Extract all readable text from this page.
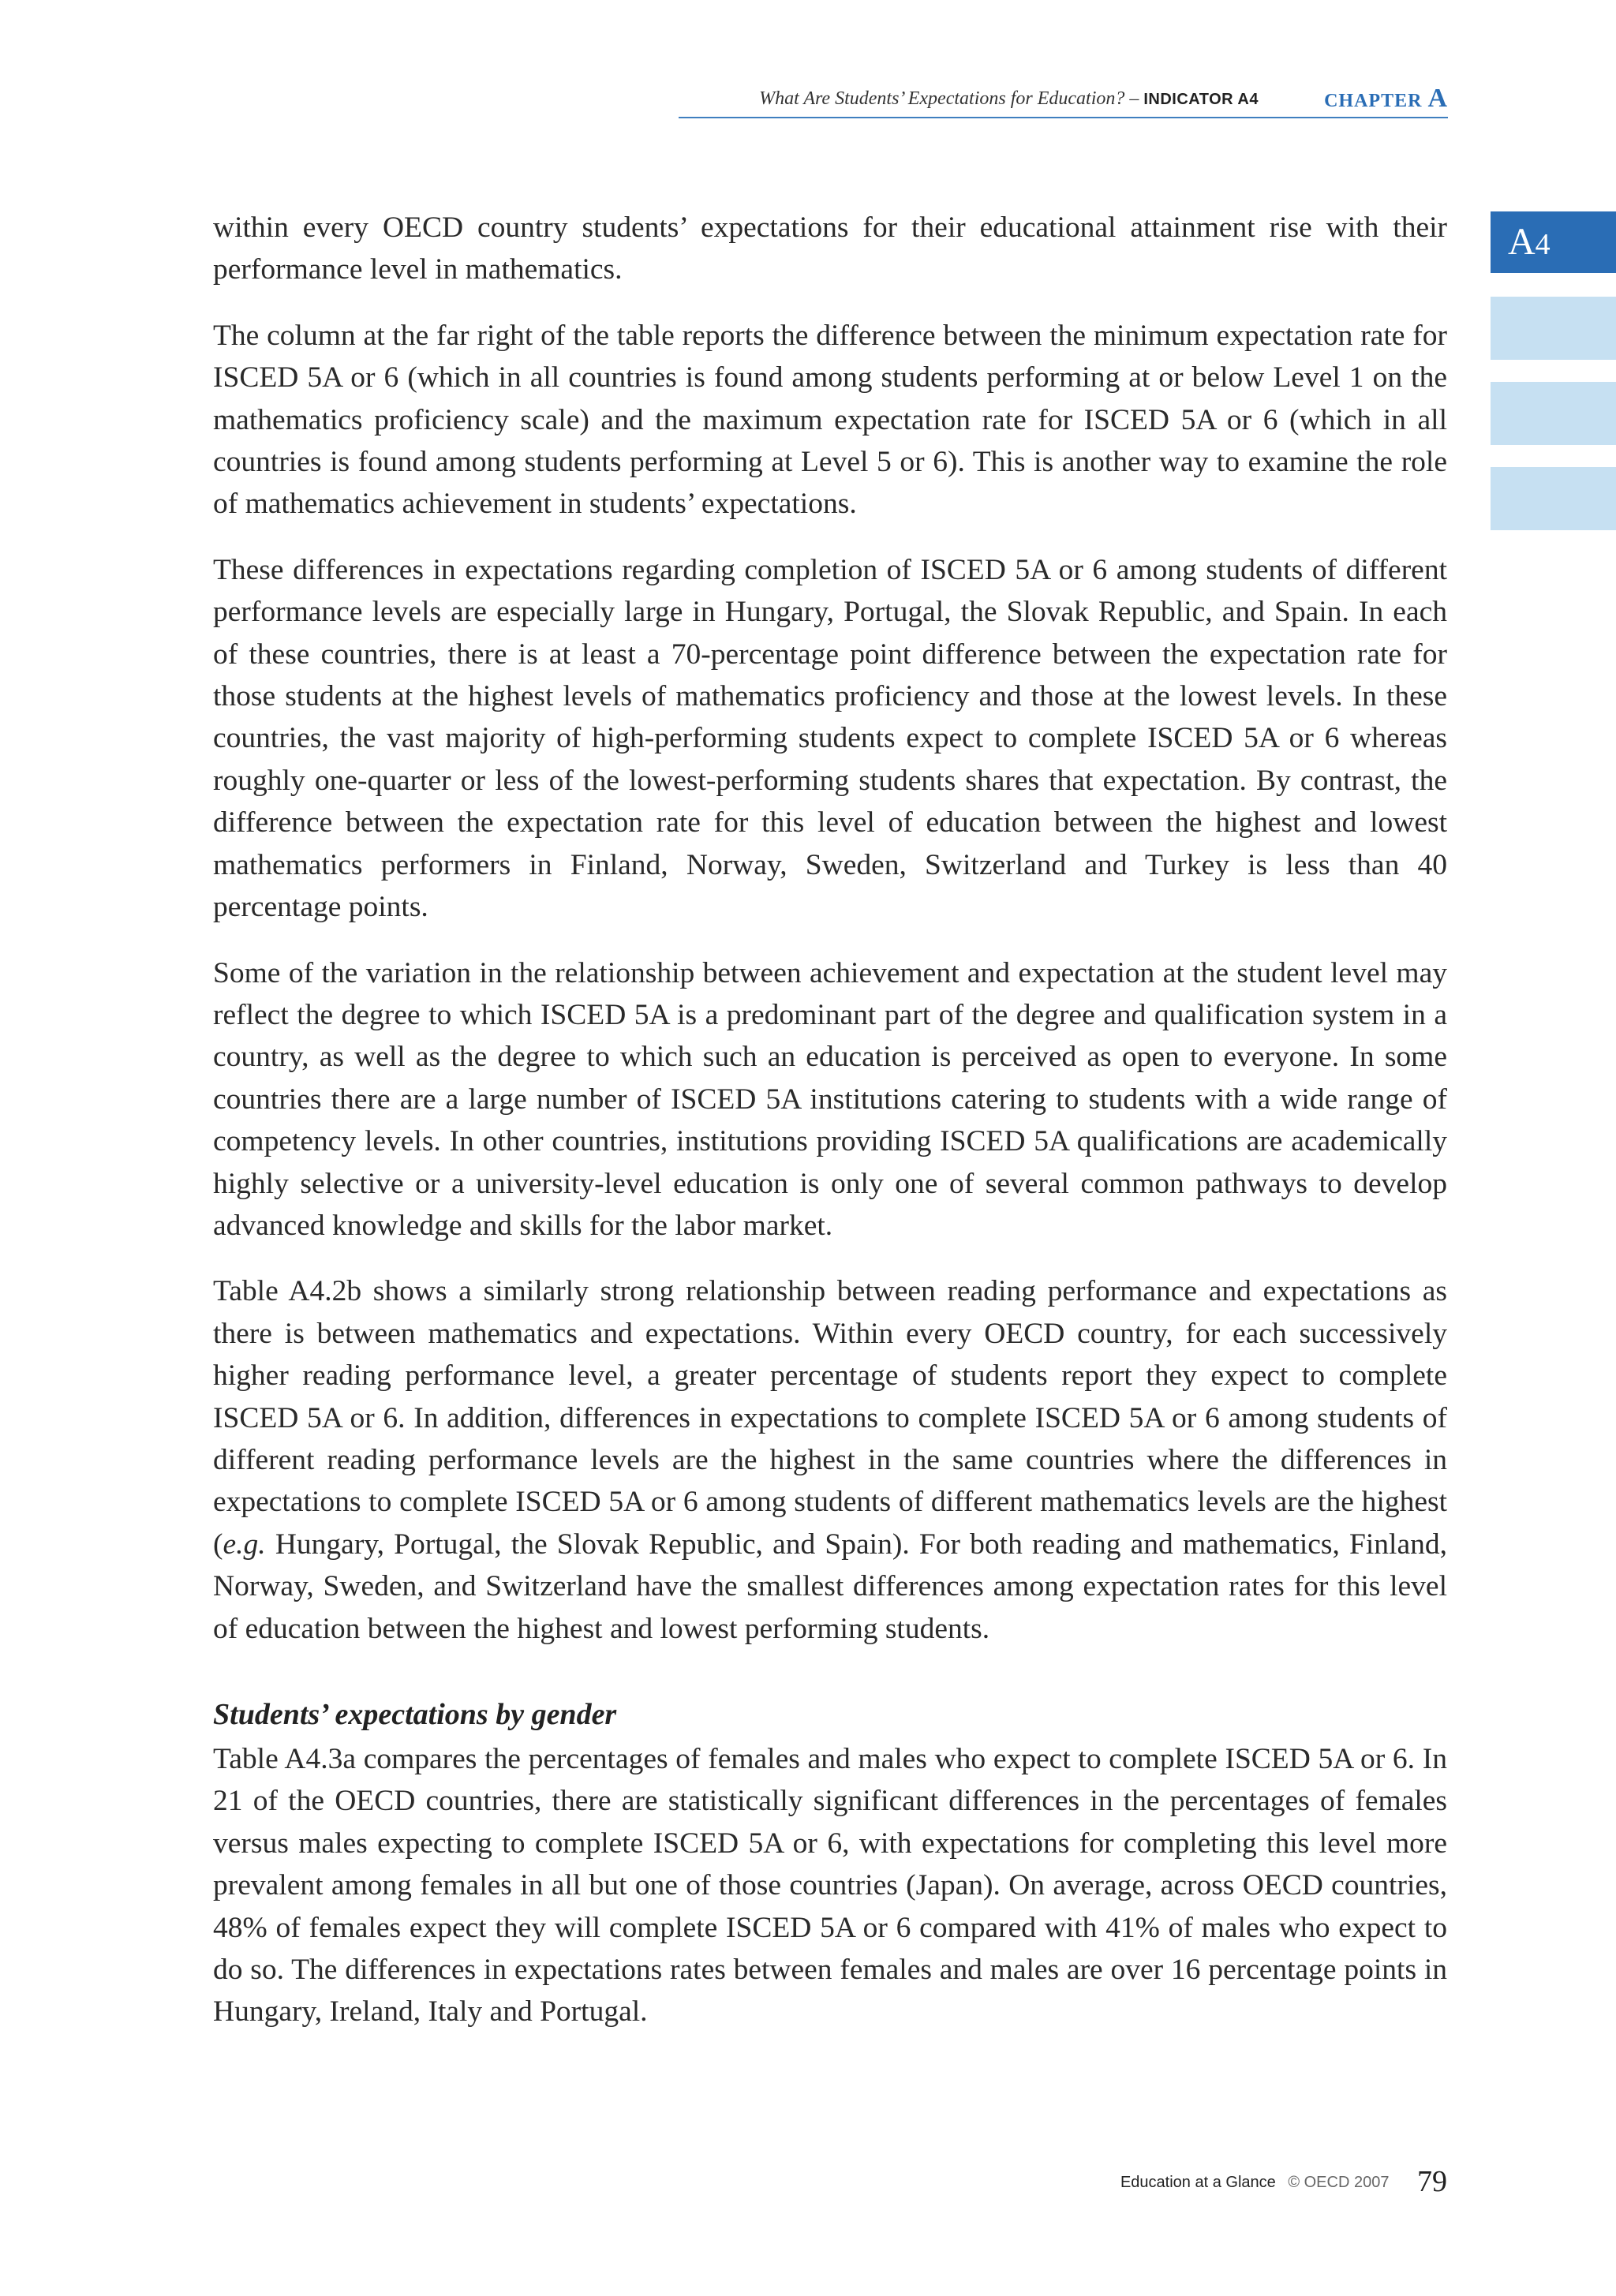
What Are Students’ Expectations for Education? – INDICATOR A4	CHAPTER A
A4

within every OECD country students’ expectations for their educational attainment rise with their performance level in mathematics.

The column at the far right of the table reports the difference between the minimum expectation rate for ISCED 5A or 6 (which in all countries is found among students performing at or below Level 1 on the mathematics proficiency scale) and the maximum expectation rate for ISCED 5A or 6 (which in all countries is found among students performing at Level 5 or 6). This is another way to examine the role of mathematics achievement in students’ expectations.

These differences in expectations regarding completion of ISCED 5A or 6 among students of different performance levels are especially large in Hungary, Portugal, the Slovak Republic, and Spain. In each of these countries, there is at least a 70-percentage point difference between the expectation rate for those students at the highest levels of mathematics proficiency and those at the lowest levels. In these countries, the vast majority of high-performing students expect to complete ISCED 5A or 6 whereas roughly one-quarter or less of the lowest-performing students shares that expectation. By contrast, the difference between the expectation rate for this level of education between the highest and lowest mathematics performers in Finland, Norway, Sweden, Switzerland and Turkey is less than 40 percentage points.

Some of the variation in the relationship between achievement and expectation at the student level may reflect the degree to which ISCED 5A is a predominant part of the degree and qualification system in a country, as well as the degree to which such an education is perceived as open to everyone. In some countries there are a large number of ISCED 5A institutions catering to students with a wide range of competency levels. In other countries, institutions providing ISCED 5A qualifications are academically highly selective or a university-level education is only one of several common pathways to develop advanced knowledge and skills for the labor market.

Table A4.2b shows a similarly strong relationship between reading performance and expectations as there is between mathematics and expectations. Within every OECD country, for each successively higher reading performance level, a greater percentage of students report they expect to complete ISCED 5A or 6. In addition, differences in expectations to complete ISCED 5A or 6 among students of different reading performance levels are the highest in the same countries where the differences in expectations to complete ISCED 5A or 6 among students of different mathematics levels are the highest (e.g. Hungary, Portugal, the Slovak Republic, and Spain). For both reading and mathematics, Finland, Norway, Sweden, and Switzerland have the smallest differences among expectation rates for this level of education between the highest and lowest performing students.

Students’ expectations by gender

Table A4.3a compares the percentages of females and males who expect to complete ISCED 5A or 6. In 21 of the OECD countries, there are statistically significant differences in the percentages of females versus males expecting to complete ISCED 5A or 6, with expectations for completing this level more prevalent among females in all but one of those countries (Japan). On average, across OECD countries, 48% of females expect they will complete ISCED 5A or 6 compared with 41% of males who expect to do so. The differences in expectations rates between females and males are over 16 percentage points in Hungary, Ireland, Italy and Portugal.

Education at a Glance © OECD 2007 79
